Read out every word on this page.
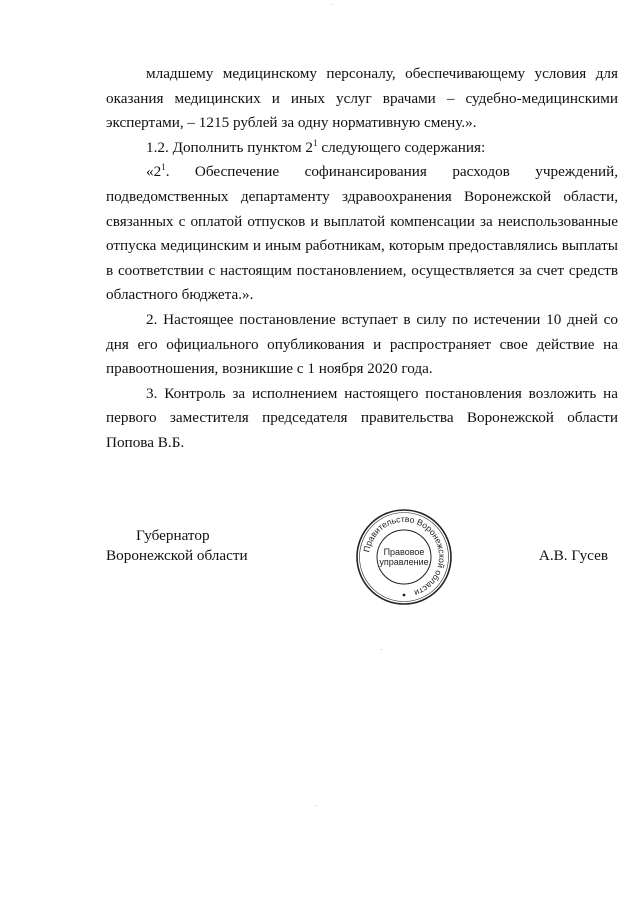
младшему медицинскому персоналу, обеспечивающему условия для
оказания медицинских и иных услуг врачами – судебно-медицинскими
экспертами, – 1215 рублей за одну нормативную смену.».
1.2. Дополнить пунктом $2^1$ следующего содержания:
«$2^1$. Обеспечение софинансирования расходов учреждений,
подведомственных департаменту здравоохранения Воронежской области,
связанных с оплатой отпусков и выплатой компенсации за неиспользованные
отпуска медицинским и иным работникам, которым предоставлялись выплаты
в соответствии с настоящим постановлением, осуществляется за счет средств
областного бюджета.».
2. Настоящее постановление вступает в силу по истечении 10 дней со
дня его официального опубликования и распространяет свое действие на
правоотношения, возникшие с 1 ноября 2020 года.
3. Контроль за исполнением настоящего постановления возложить на
первого заместителя председателя правительства Воронежской области
Попова В.Б.
Губернатор
Воронежской области	А.В. Гусев
Правительство Воронежской области
Правовое
управление
